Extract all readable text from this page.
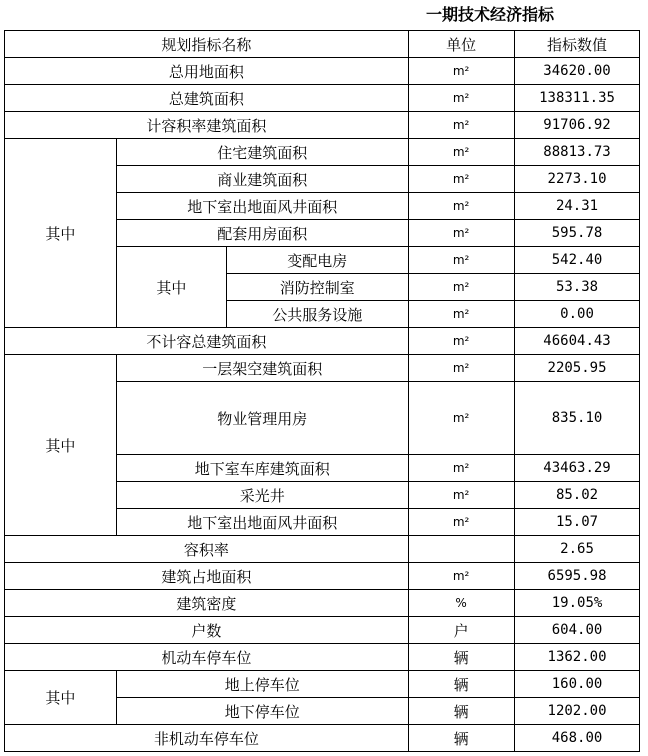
一期技术经济指标
规划指标名称			单位	指标数值	
总用地面积			m²	34620.00	
总建筑面积			m²	138311.35	
计容积率建筑面积			m²	91706.92	
其中	住宅建筑面积		m²	88813.73	
	商业建筑面积		m²	2273.10	
	地下室出地面风井面积		m²	24.31	
	配套用房面积		m²	595.78	
	其中	变配电房	m²	542.40	
		消防控制室	m²	53.38	
		公共服务设施	m²	0.00	
不计容总建筑面积			m²	46604.43	
其中	一层架空建筑面积		m²	2205.95	
	物业管理用房		m²	835.10	
	地下室车库建筑面积		m²	43463.29	
	采光井		m²	85.02	
	地下室出地面风井面积		m²	15.07	
容积率				2.65	
建筑占地面积			m²	6595.98	
建筑密度			%	19.05%	
户数			户	604.00	
机动车停车位			辆	1362.00	
其中	地上停车位		辆	160.00	
	地下停车位		辆	1202.00	
非机动车停车位			辆	468.00	
